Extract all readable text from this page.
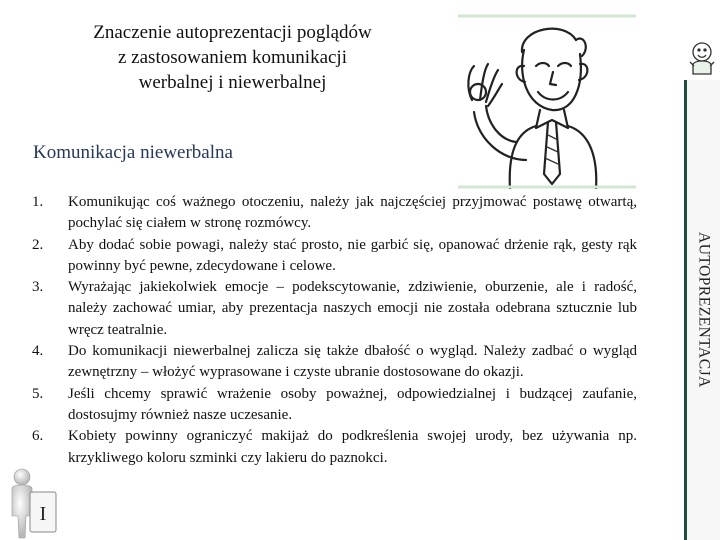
Znaczenie autoprezentacji poglądów
z zastosowaniem komunikacji
werbalnej i niewerbalnej
Komunikacja niewerbalna
1. Komunikując coś ważnego otoczeniu, należy jak najczęściej przyjmować postawę otwartą, pochylać się ciałem w stronę rozmówcy.
2. Aby dodać sobie powagi, należy stać prosto, nie garbić się, opanować drżenie rąk, gesty rąk powinny być pewne, zdecydowane i celowe.
3. Wyrażając jakiekolwiek emocje – podekscytowanie, zdziwienie, oburzenie, ale i radość, należy zachować umiar, aby prezentacja naszych emocji nie została odebrana sztucznie lub wręcz teatralnie.
4. Do komunikacji niewerbalnej zalicza się także dbałość o wygląd. Należy zadbać o wygląd zewnętrzny – włożyć wyprasowane i czyste ubranie dostosowane do okazji.
5. Jeśli chcemy sprawić wrażenie osoby poważnej, odpowiedzialnej i budzącej zaufanie, dostosujmy również nasze uczesanie.
6. Kobiety powinny ograniczyć makijaż do podkreślenia swojej urody, bez używania np. krzykliwego koloru szminki czy lakieru do paznokci.
AUTOPREZENTACJA
I
